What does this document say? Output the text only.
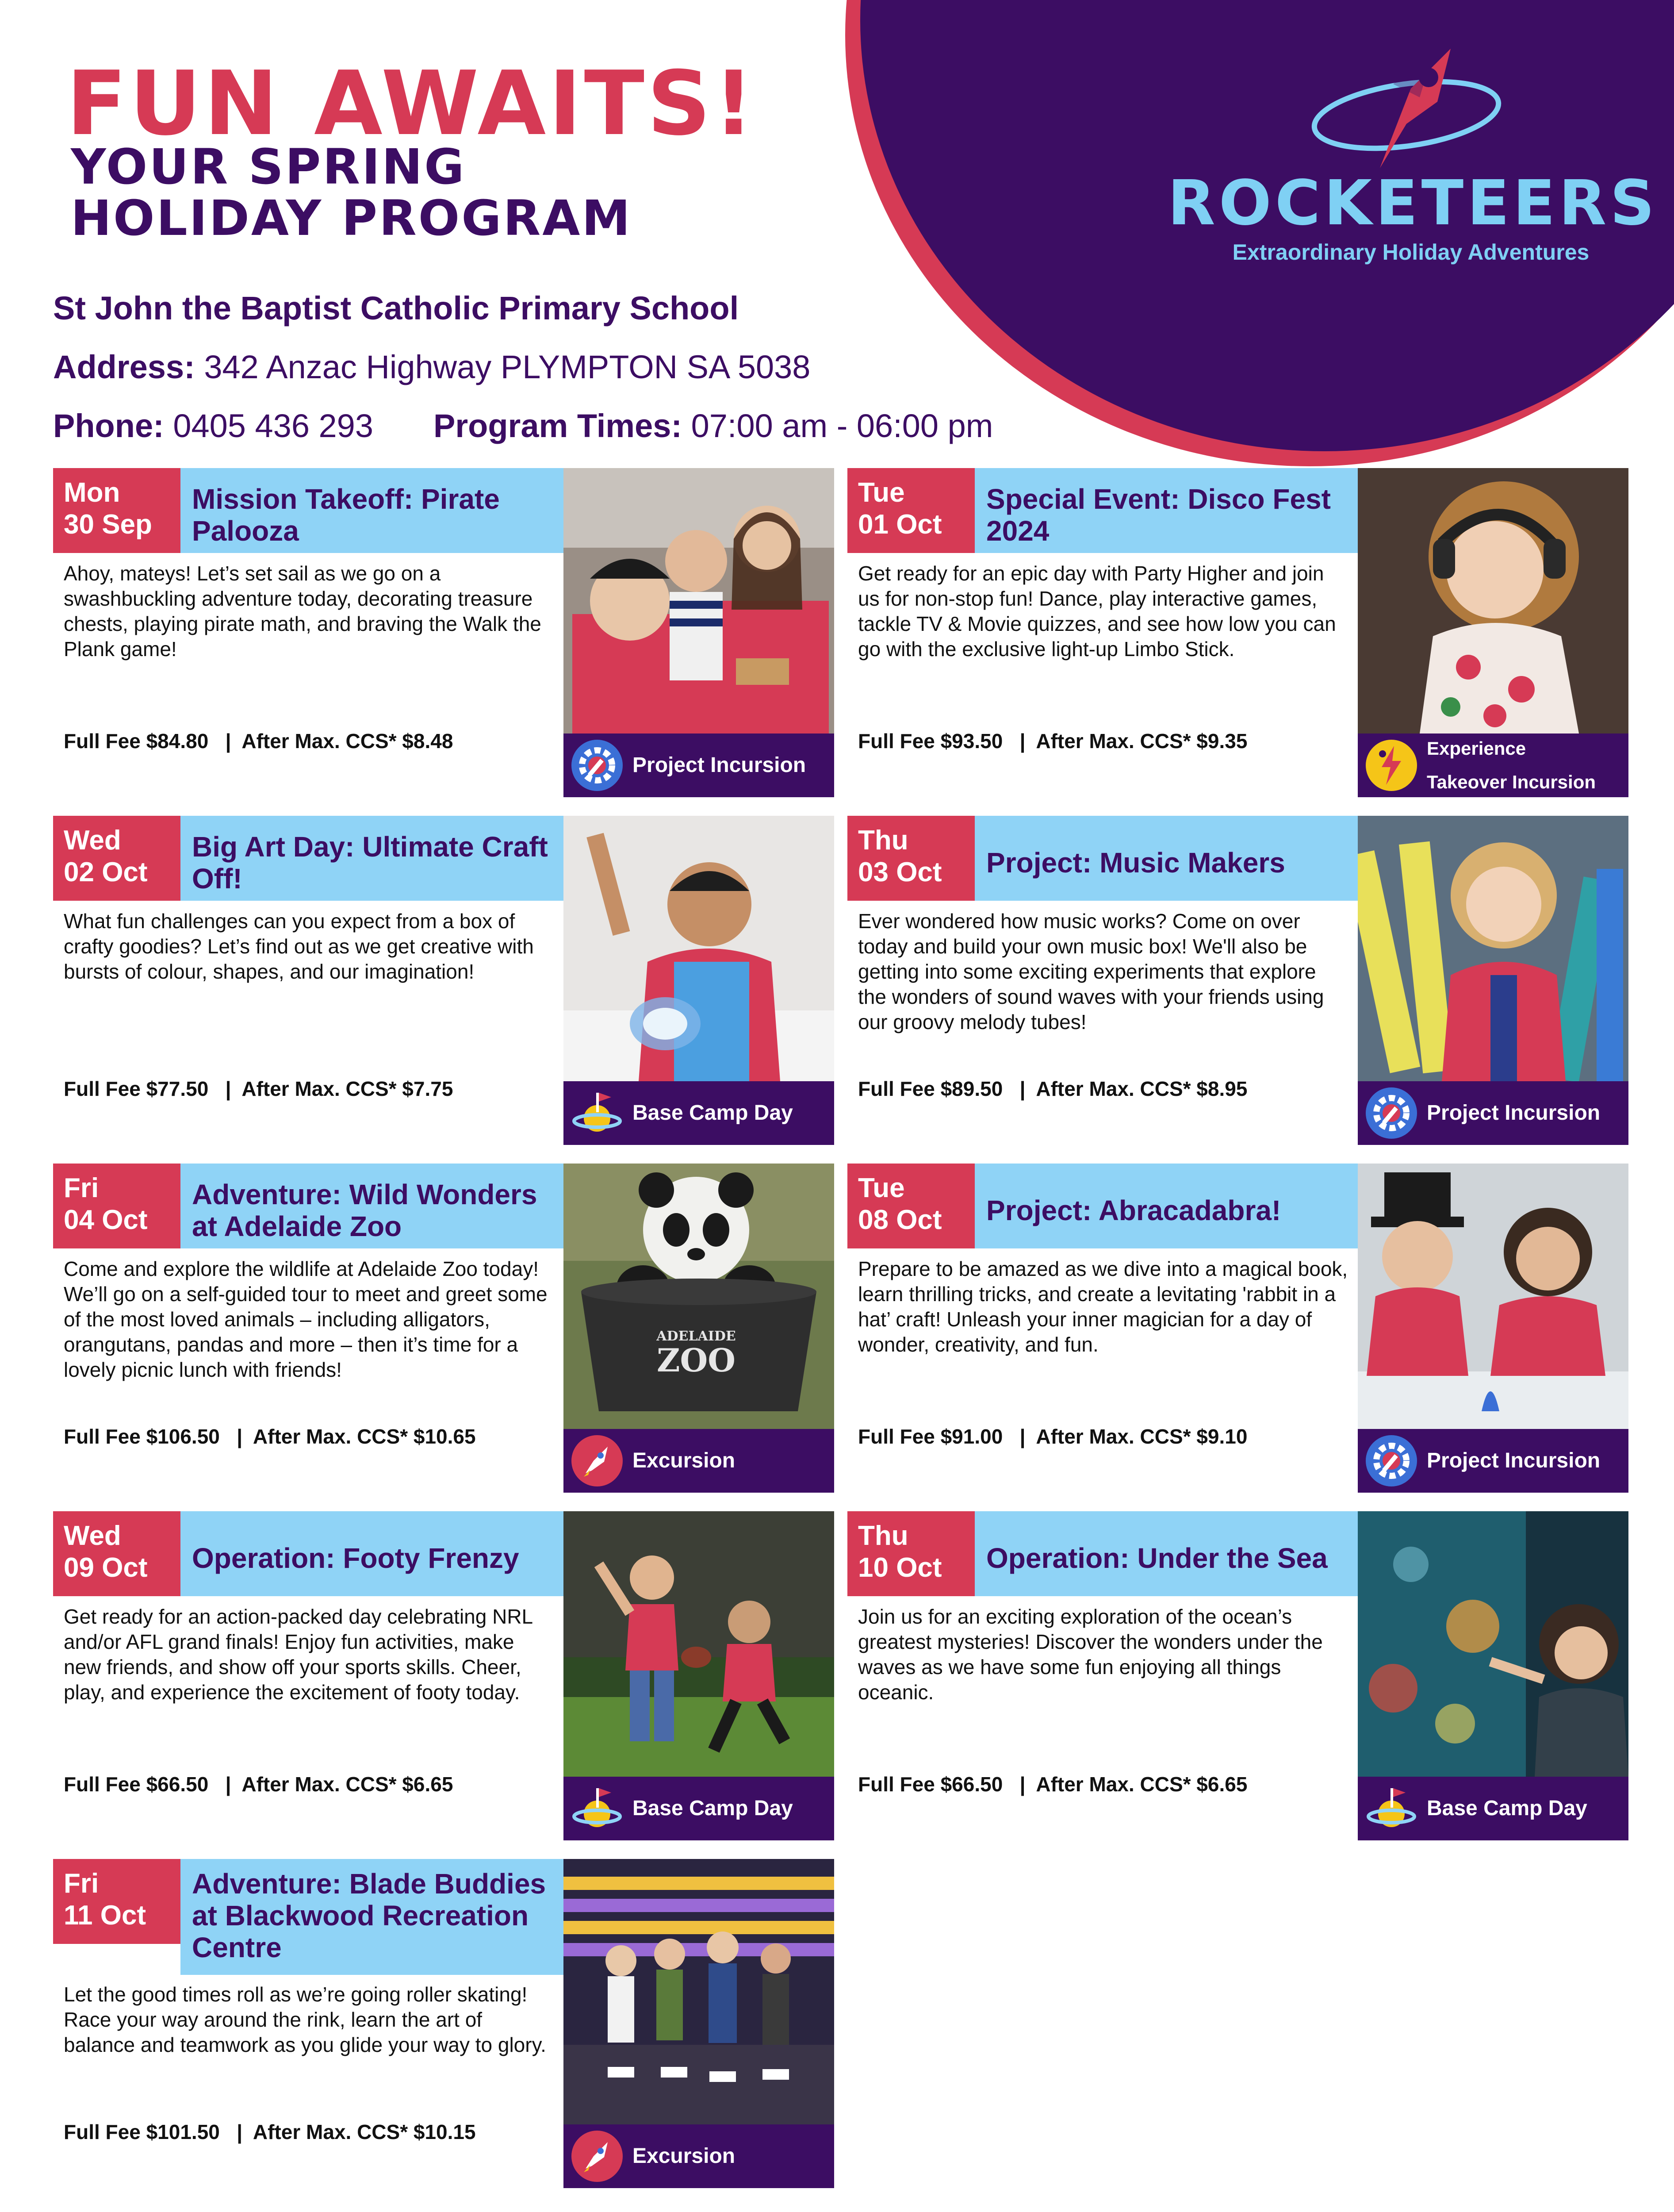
FUN AWAITS!
YOUR SPRING HOLIDAY PROGRAM	ROCKETEERS
Extraordinary Holiday Adventures
St John the Baptist Catholic Primary School
Address: 342 Anzac Highway PLYMPTON SA 5038
Phone: 0405 436 293 Program Times: 07:00 am - 06:00 pm
Mon
30 Sep
Mission Takeoff: Pirate Palooza
Ahoy, mateys! Let’s set sail as we go on a swashbuckling adventure today, decorating treasure chests, playing pirate math, and braving the Walk the Plank game!
Full Fee $84.80   |  After Max. CCS* $8.48
Project Incursion
Tue
01 Oct
Special Event: Disco Fest 2024
Get ready for an epic day with Party Higher and join us for non-stop fun! Dance, play interactive games, tackle TV & Movie quizzes, and see how low you can go with the exclusive light-up Limbo Stick.
Full Fee $93.50   |  After Max. CCS* $9.35	Experience
Takeover Incursion
Wed
02 Oct
Big Art Day: Ultimate Craft Off!
What fun challenges can you expect from a box of crafty goodies? Let’s find out as we get creative with bursts of colour, shapes, and our imagination!
Full Fee $77.50   |  After Max. CCS* $7.75
Base Camp Day
Thu
03 Oct	Project: Music Makers
Ever wondered how music works? Come on over today and build your own music box! We'll also be getting into some exciting experiments that explore the wonders of sound waves with your friends using our groovy melody tubes!
Full Fee $89.50   |  After Max. CCS* $8.95
Project Incursion
Fri
04 Oct
Adventure: Wild Wonders at Adelaide Zoo
Come and explore the wildlife at Adelaide Zoo today! We’ll go on a self-guided tour to meet and greet some of the most loved animals – including alligators, orangutans, pandas and more – then it’s time for a lovely picnic lunch with friends!
Full Fee $106.50   |  After Max. CCS* $10.65
ADELAIDE
ZOO
Excursion
Tue
08 Oct	Project: Abracadabra!
Prepare to be amazed as we dive into a magical book, learn thrilling tricks, and create a levitating 'rabbit in a hat’ craft! Unleash your inner magician for a day of wonder, creativity, and fun.
Full Fee $91.00   |  After Max. CCS* $9.10
Project Incursion
Wed
09 Oct	Operation: Footy Frenzy
Get ready for an action-packed day celebrating NRL and/or AFL grand finals! Enjoy fun activities, make new friends, and show off your sports skills. Cheer, play, and experience the excitement of footy today.
Full Fee $66.50   |  After Max. CCS* $6.65
Base Camp Day
Thu
10 Oct	Operation: Under the Sea
Join us for an exciting exploration of the ocean’s greatest mysteries! Discover the wonders under the waves as we have some fun enjoying all things oceanic.
Full Fee $66.50   |  After Max. CCS* $6.65
Base Camp Day
Fri
11 Oct
Adventure: Blade Buddies at Blackwood Recreation Centre
Let the good times roll as we’re going roller skating! Race your way around the rink, learn the art of balance and teamwork as you glide your way to glory.
Full Fee $101.50   |  After Max. CCS* $10.15
Excursion
